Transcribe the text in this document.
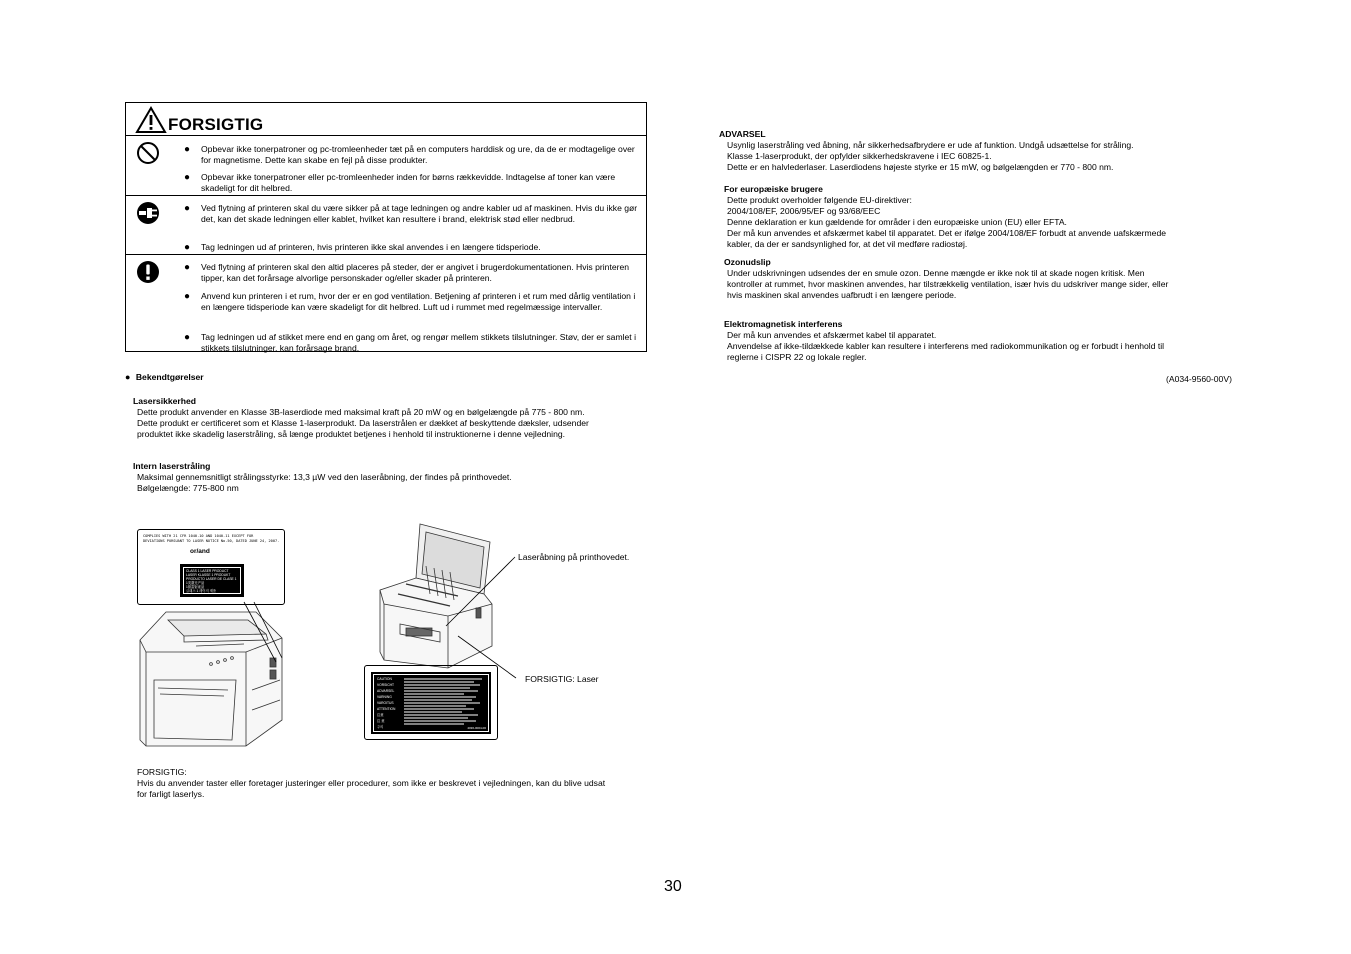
FORSIGTIG
● Opbevar ikke tonerpatroner og pc-tromleenheder tæt på en computers harddisk og ure, da de er modtagelige over for magnetisme. Dette kan skabe en fejl på disse produkter.
● Opbevar ikke tonerpatroner eller pc-tromleenheder inden for børns rækkevidde. Indtagelse af toner kan være skadeligt for dit helbred.
● Ved flytning af printeren skal du være sikker på at tage ledningen og andre kabler ud af maskinen. Hvis du ikke gør det, kan det skade ledningen eller kablet, hvilket kan resultere i brand, elektrisk stød eller nedbrud.
● Tag ledningen ud af printeren, hvis printeren ikke skal anvendes i en længere tidsperiode.
● Ved flytning af printeren skal den altid placeres på steder, der er angivet i brugerdokumentationen. Hvis printeren tipper, kan det forårsage alvorlige personskader og/eller skader på printeren.
● Anvend kun printeren i et rum, hvor der er en god ventilation. Betjening af printeren i et rum med dårlig ventilation i en længere tidsperiode kan være skadeligt for dit helbred. Luft ud i rummet med regelmæssige intervaller.
● Tag ledningen ud af stikket mere end en gang om året, og rengør mellem stikkets tilslutninger. Støv, der er samlet i stikkets tilslutninger, kan forårsage brand.
● Bekendtgørelser
Lasersikkerhed
Dette produkt anvender en Klasse 3B-laserdiode med maksimal kraft på 20 mW og en bølgelængde på 775 - 800 nm.
Dette produkt er certificeret som et Klasse 1-laserprodukt. Da laserstrålen er dækket af beskyttende dæksler, udsender
produktet ikke skadelig laserstråling, så længe produktet betjenes i henhold til instruktionerne i denne vejledning.
Intern laserstråling
Maksimal gennemsnitligt strålingsstyrke: 13,3 µW ved den laseråbning, der findes på printhovedet.
Bølgelængde: 775-800 nm
COMPLIES WITH 21 CFR 1040.10 AND 1040.11 EXCEPT FOR
DEVIATIONS PURSUANT TO LASER NOTICE No.50, DATED JUNE 24, 2007.
or/and
CLASS 1 LASER PRODUCT
LASER KLASSE 1 PRODUKT
PRODUCTO LASER DE CLASE 1
1类激光产品
1級雷射產品
클래스 1 레이저 제품
Laseråbning på printhovedet.
FORSIGTIG: Laser
CAUTION
VORSICHT
ADVARSEL
VARNING
VAROITUS
ATTENTION
注意
注 意
주의	4036-0004-00
FORSIGTIG:
Hvis du anvender taster eller foretager justeringer eller procedurer, som ikke er beskrevet i vejledningen, kan du blive udsat
for farligt laserlys.
ADVARSEL
Usynlig laserstråling ved åbning, når sikkerhedsafbrydere er ude af funktion. Undgå udsættelse for stråling.
Klasse 1-laserprodukt, der opfylder sikkerhedskravene i IEC 60825-1.
Dette er en halvlederlaser. Laserdiodens højeste styrke er 15 mW, og bølgelængden er 770 - 800 nm.
For europæiske brugere
Dette produkt overholder følgende EU-direktiver:
2004/108/EF, 2006/95/EF og 93/68/EEC
Denne deklaration er kun gældende for områder i den europæiske union (EU) eller EFTA.
Der må kun anvendes et afskærmet kabel til apparatet. Det er ifølge 2004/108/EF forbudt at anvende uafskærmede
kabler, da der er sandsynlighed for, at det vil medføre radiostøj.
Ozonudslip
Under udskrivningen udsendes der en smule ozon. Denne mængde er ikke nok til at skade nogen kritisk. Men
kontroller at rummet, hvor maskinen anvendes, har tilstrækkelig ventilation, især hvis du udskriver mange sider, eller
hvis maskinen skal anvendes uafbrudt i en længere periode.
Elektromagnetisk interferens
Der må kun anvendes et afskærmet kabel til apparatet.
Anvendelse af ikke-tildækkede kabler kan resultere i interferens med radiokommunikation og er forbudt i henhold til
reglerne i CISPR 22 og lokale regler.
(A034-9560-00V)
30
